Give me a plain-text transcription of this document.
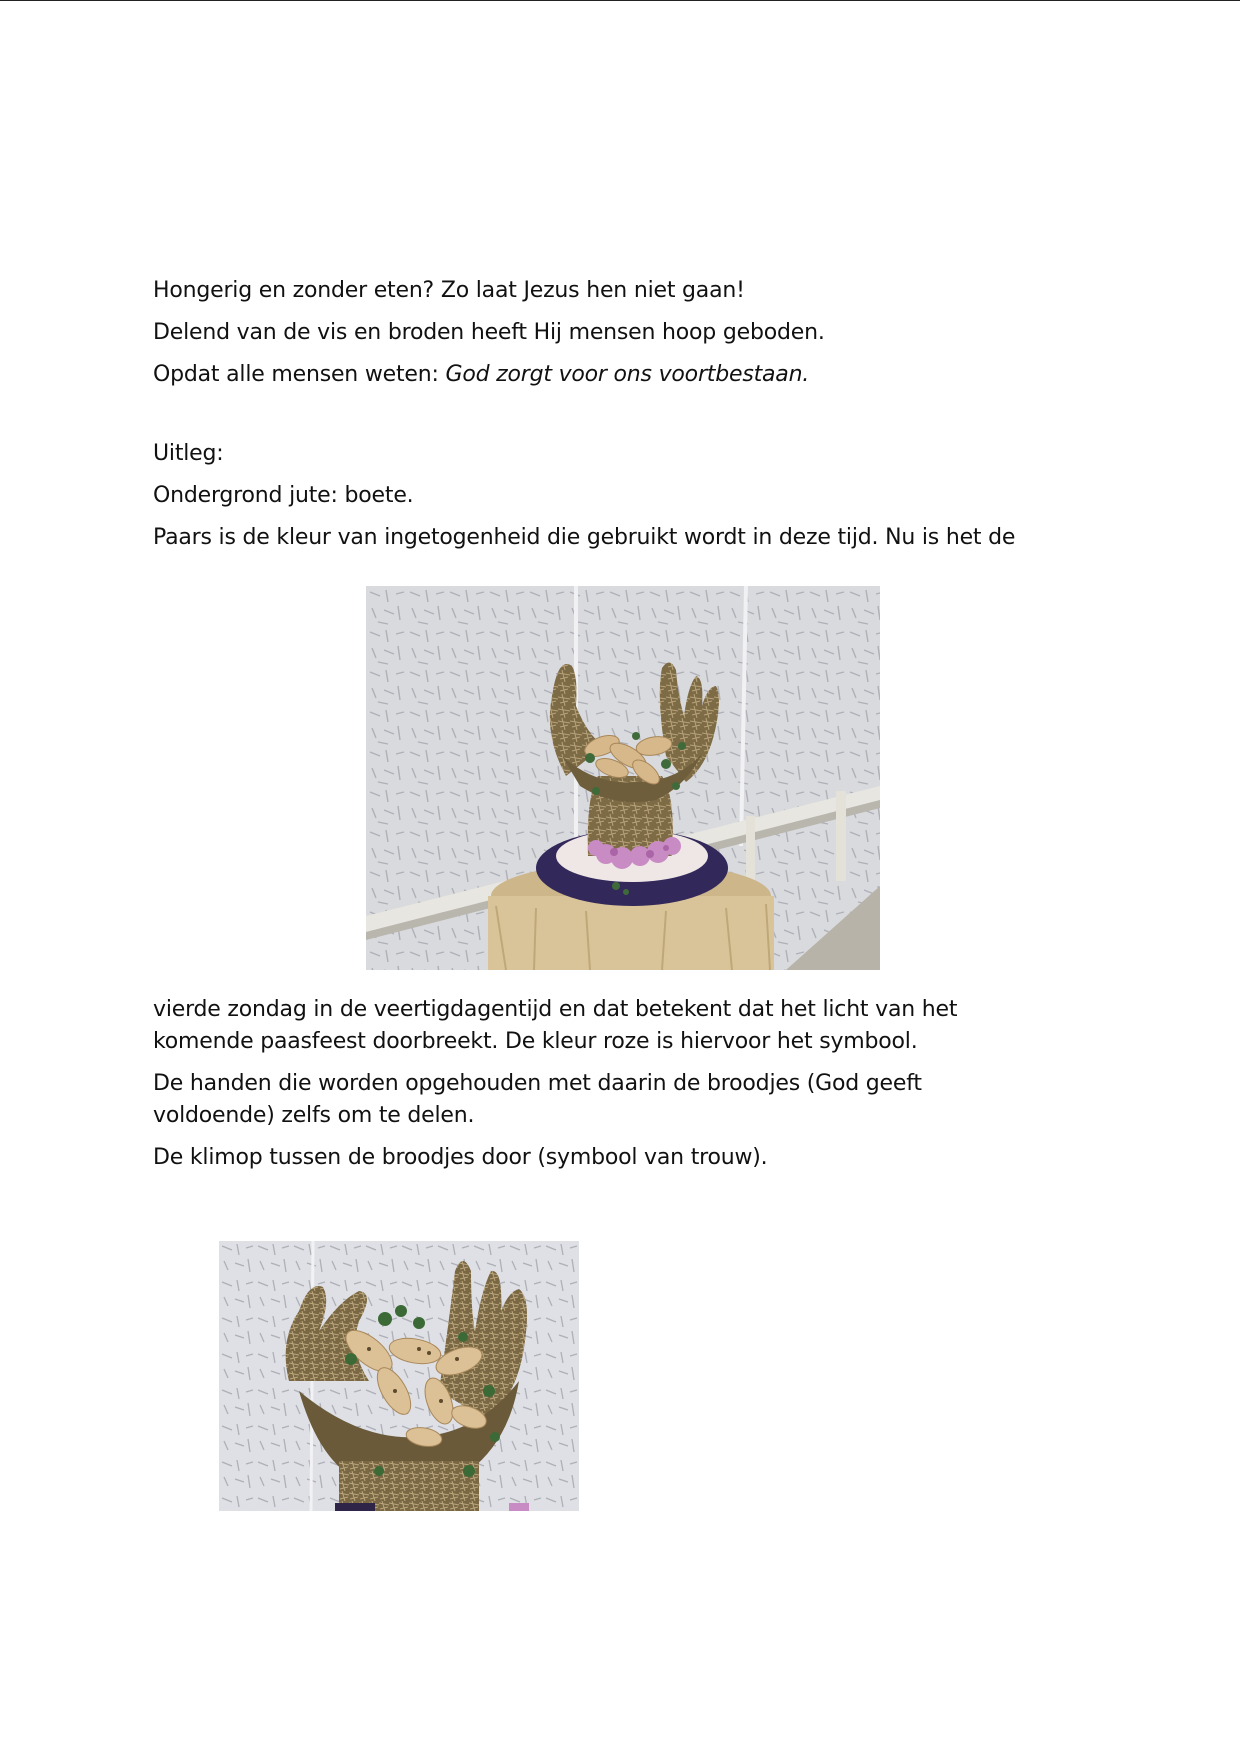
Hongerig en zonder eten? Zo laat Jezus hen niet gaan!
Delend van de vis en broden heeft Hij mensen hoop geboden.
Opdat alle mensen weten: God zorgt voor ons voortbestaan.
Uitleg:
Ondergrond jute: boete.
Paars is de kleur van ingetogenheid die gebruikt wordt in deze tijd. Nu is het de
vierde zondag in de veertigdagentijd en dat betekent dat het licht van het
komende paasfeest doorbreekt. De kleur roze is hiervoor het symbool.
De handen die worden opgehouden met daarin de broodjes (God geeft
voldoende) zelfs om te delen.
De klimop tussen de broodjes door (symbool van trouw).
